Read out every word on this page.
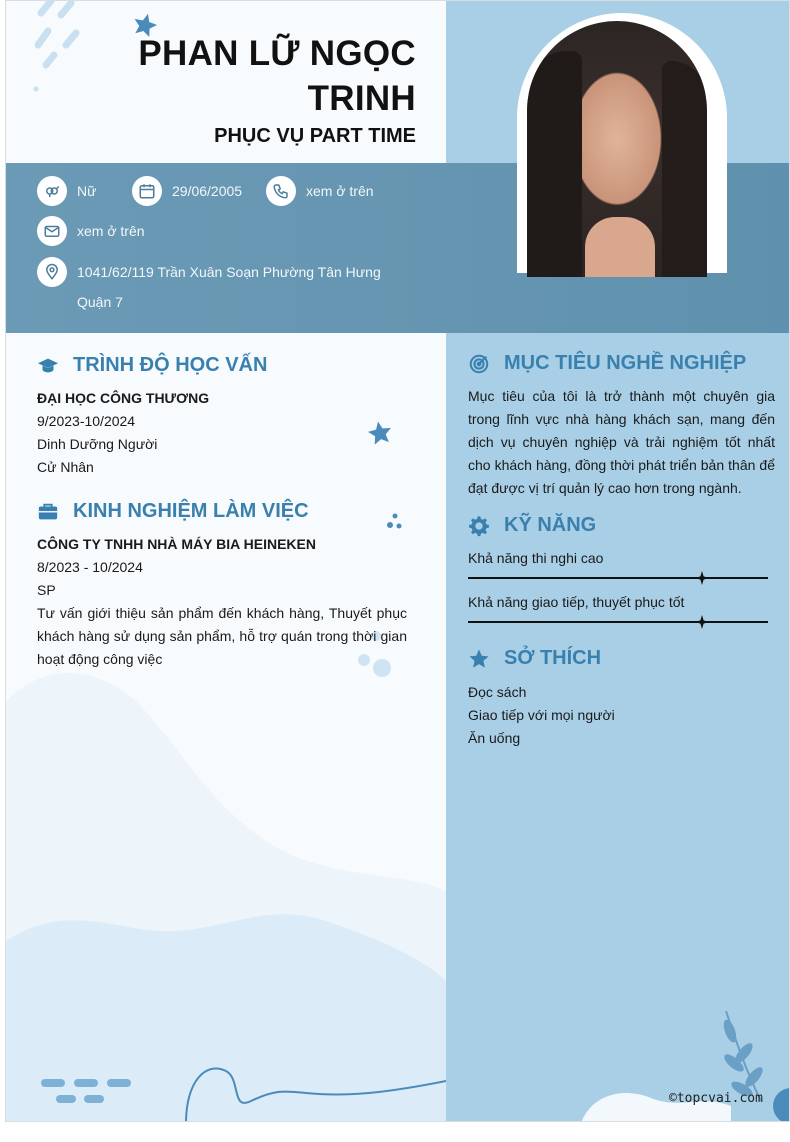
PHAN LỮ NGỌC TRINH
PHỤC VỤ PART TIME
Nữ	29/06/2005	xem ở trên
xem ở trên
1041/62/119 Trần Xuân Soạn Phường Tân Hưng Quận 7
TRÌNH ĐỘ HỌC VẤN
ĐẠI HỌC CÔNG THƯƠNG
9/2023-10/2024
Dinh Dưỡng Người
Cử Nhân
KINH NGHIỆM LÀM VIỆC
CÔNG TY TNHH NHÀ MÁY BIA HEINEKEN
8/2023 - 10/2024
SP
Tư vấn giới thiệu sản phẩm đến khách hàng, Thuyết phục khách hàng sử dụng sản phẩm, hỗ trợ quán trong thời gian hoạt động công việc
MỤC TIÊU NGHỀ NGHIỆP
Mục tiêu của tôi là trở thành một chuyên gia trong lĩnh vực nhà hàng khách sạn, mang đến dịch vụ chuyên nghiệp và trải nghiệm tốt nhất cho khách hàng, đồng thời phát triển bản thân để đạt được vị trí quản lý cao hơn trong ngành.
KỸ NĂNG
Khả năng thi nghi cao
Khả năng giao tiếp, thuyết phục tốt
SỞ THÍCH
Đọc sách
Giao tiếp với mọi người
Ăn uống
©topcvai.com
